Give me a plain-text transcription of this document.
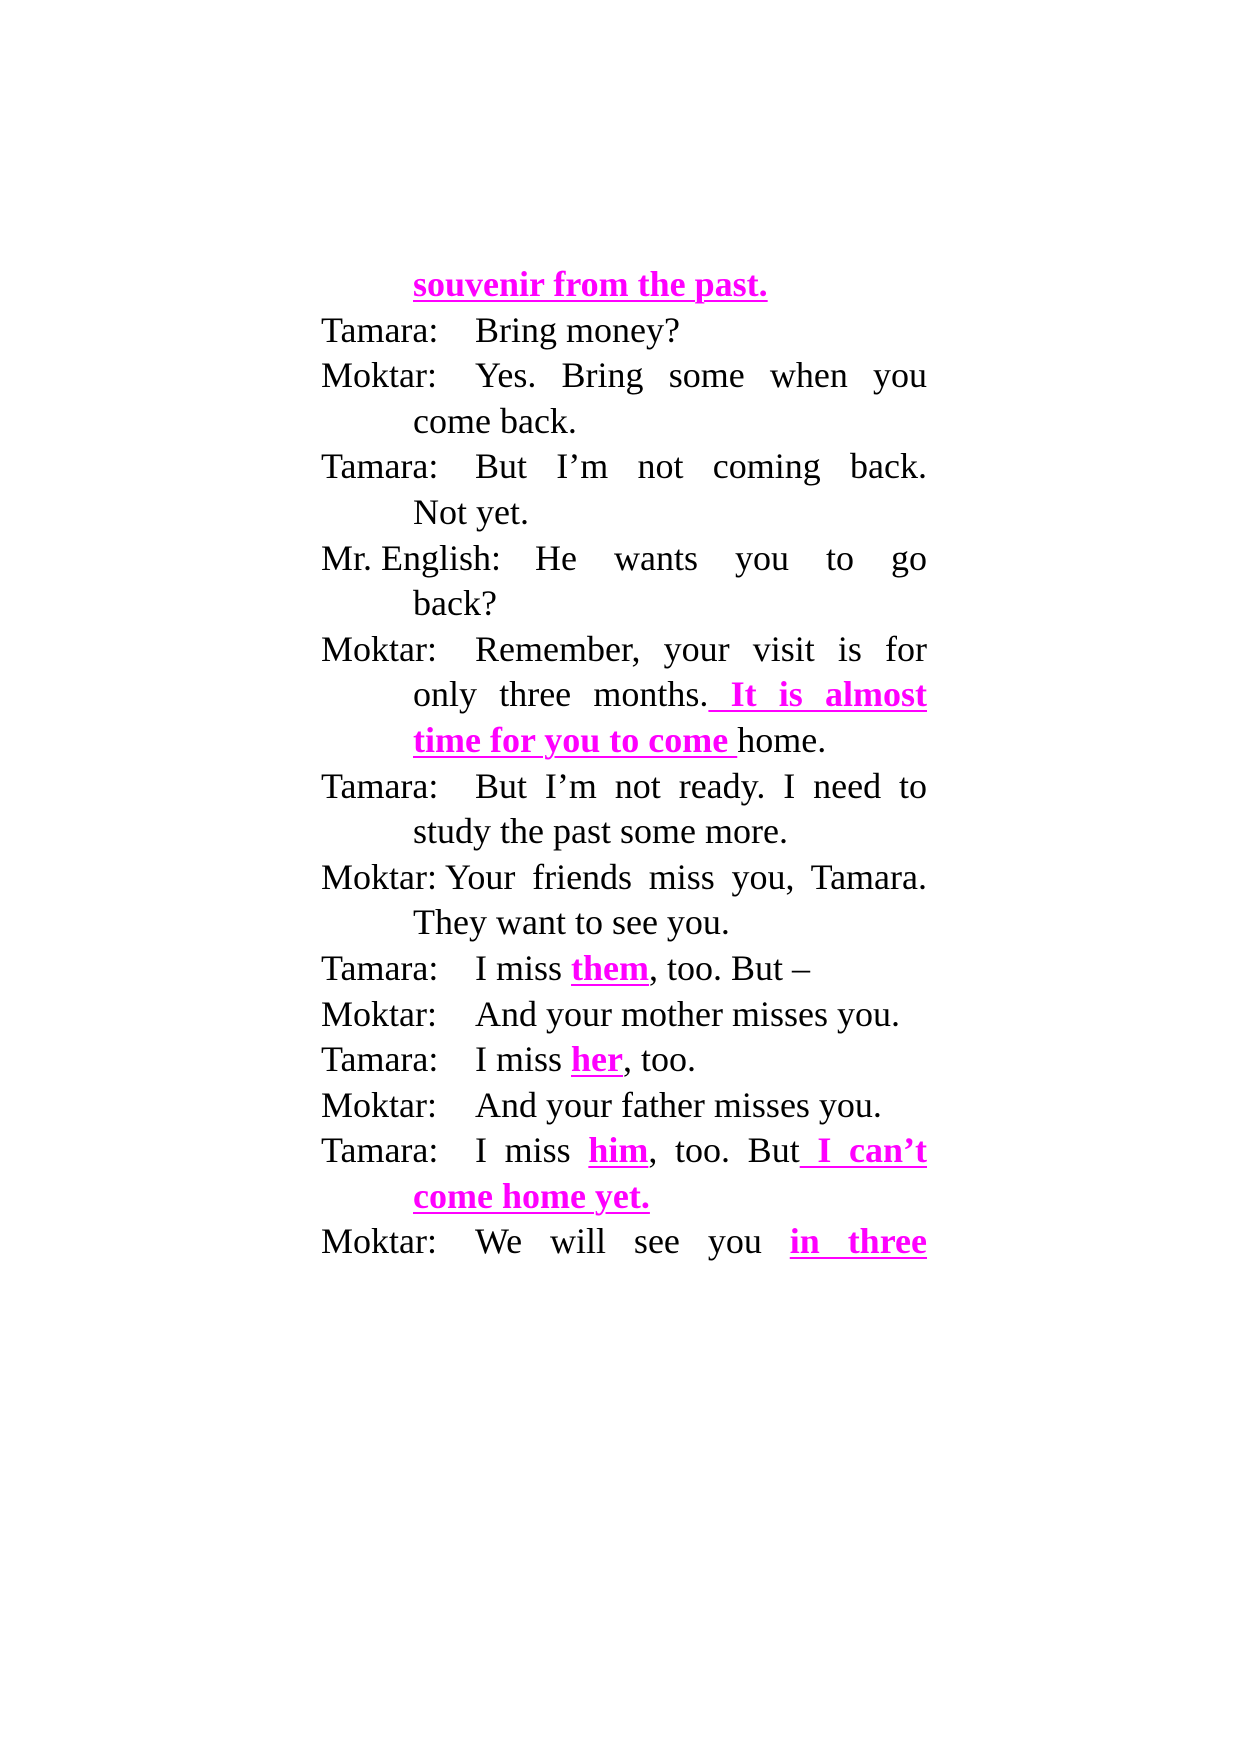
souvenir from the past.
Tamara: Bring money?
Moktar: Yes. Bring some when you
come back.
Tamara: But I’m not coming back.
Not yet.
Mr. English: He wants you to go
back?
Moktar: Remember, your visit is for
only three months. It is almost
time for you to come home.
Tamara: But I’m not ready. I need to
study the past some more.
Moktar: Your friends miss you, Tamara.
They want to see you.
Tamara: I miss them, too. But –
Moktar: And your mother misses you.
Tamara: I miss her, too.
Moktar: And your father misses you.
Tamara: I miss him, too. But I can’t
come home yet.
Moktar: We will see you in three
